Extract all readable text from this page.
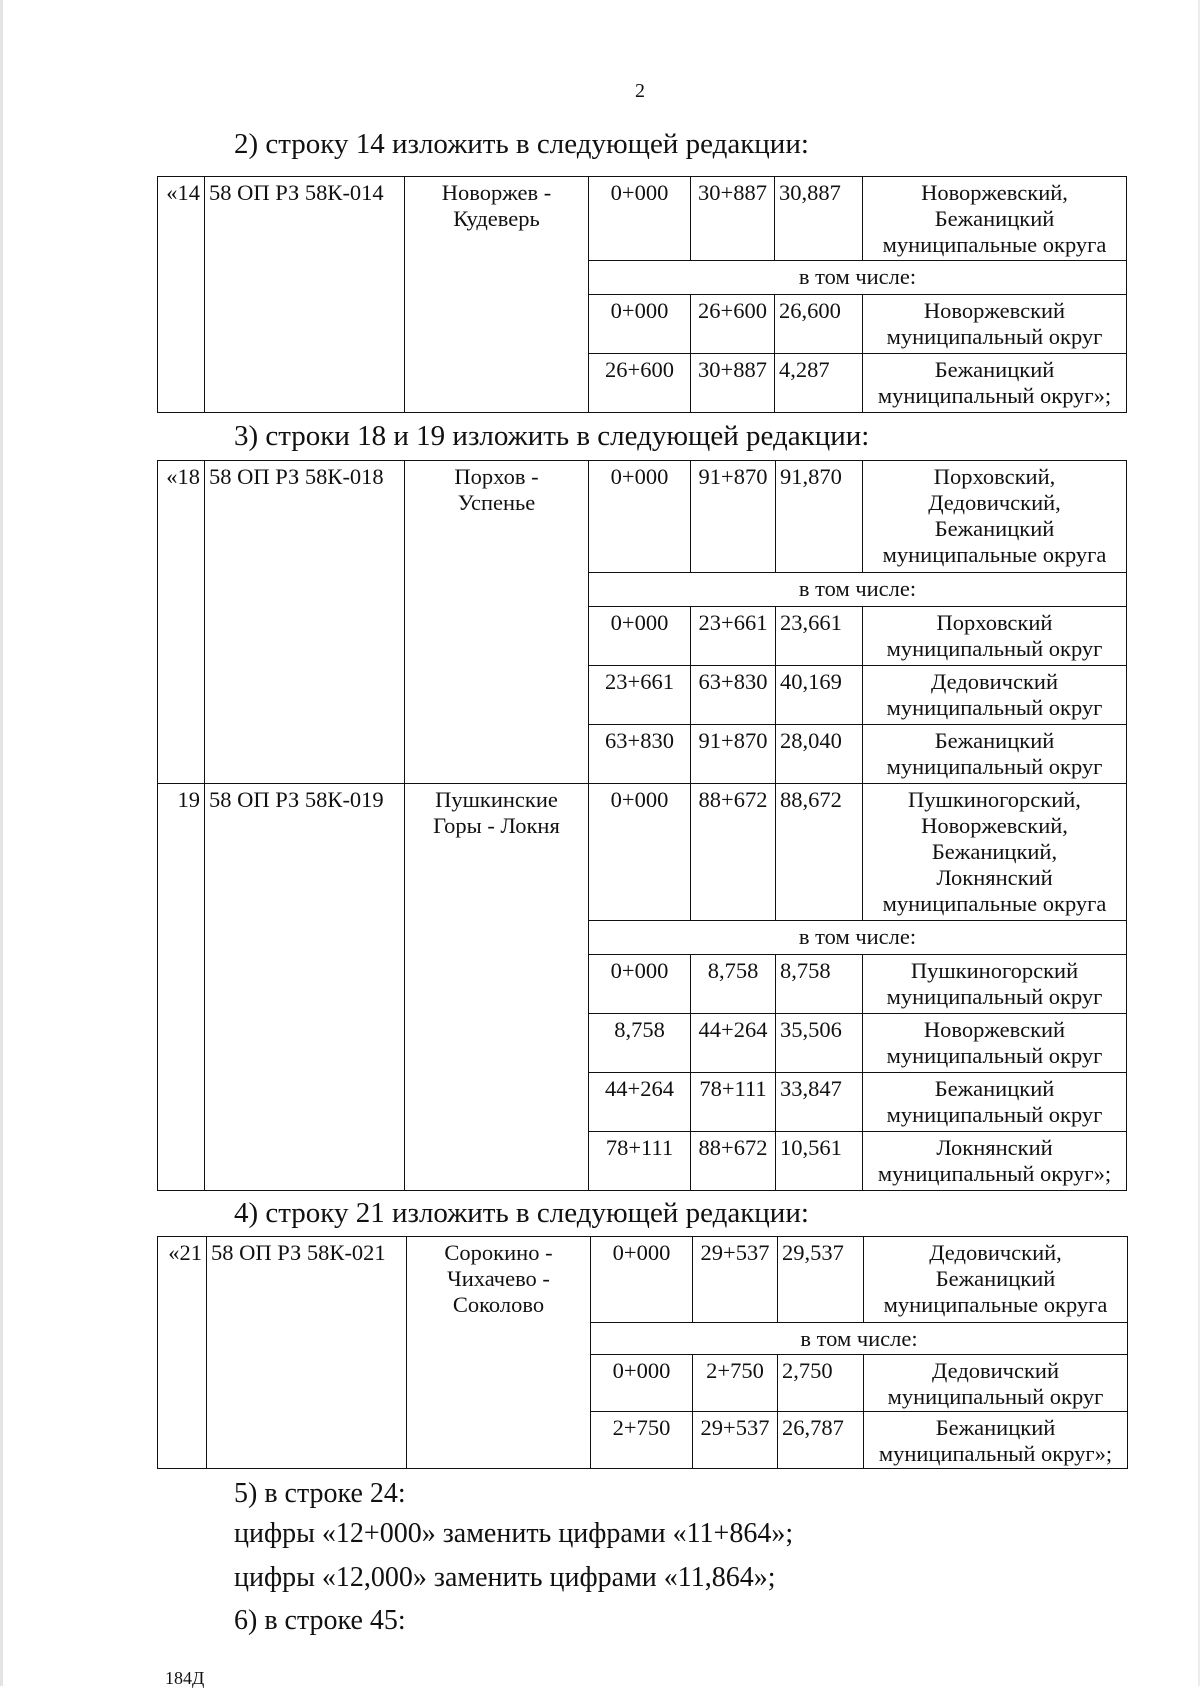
2
2) строку 14 изложить в следующей редакции:
«14	58 ОП РЗ 58К-014	Новоржев -
Кудеверь	0+000	30+887	30,887	Новоржевский,
Бежаницкий
муниципальные округа
			в том числе:			
			0+000	26+600	26,600	Новоржевский
муниципальный округ
			26+600	30+887	4,287	Бежаницкий
муниципальный округ»;
3) строки 18 и 19 изложить в следующей редакции:
«18	58 ОП РЗ 58К-018	Порхов -
Успенье	0+000	91+870	91,870	Порховский,
Дедовичский,
Бежаницкий
муниципальные округа
			в том числе:			
			0+000	23+661	23,661	Порховский
муниципальный округ
			23+661	63+830	40,169	Дедовичский
муниципальный округ
			63+830	91+870	28,040	Бежаницкий
муниципальный округ
19	58 ОП РЗ 58К-019	Пушкинские
Горы - Локня	0+000	88+672	88,672	Пушкиногорский,
Новоржевский,
Бежаницкий,
Локнянский
муниципальные округа
			в том числе:			
			0+000	8,758	8,758	Пушкиногорский
муниципальный округ
			8,758	44+264	35,506	Новоржевский
муниципальный округ
			44+264	78+111	33,847	Бежаницкий
муниципальный округ
			78+111	88+672	10,561	Локнянский
муниципальный округ»;
4) строку 21 изложить в следующей редакции:
«21	58 ОП РЗ 58К-021	Сорокино -
Чихачево -
Соколово	0+000	29+537	29,537	Дедовичский,
Бежаницкий
муниципальные округа
			в том числе:			
			0+000	2+750	2,750	Дедовичский
муниципальный округ
			2+750	29+537	26,787	Бежаницкий
муниципальный округ»;
5) в строке 24:
цифры «12+000» заменить цифрами «11+864»;
цифры «12,000» заменить цифрами «11,864»;
6) в строке 45:
184Д
